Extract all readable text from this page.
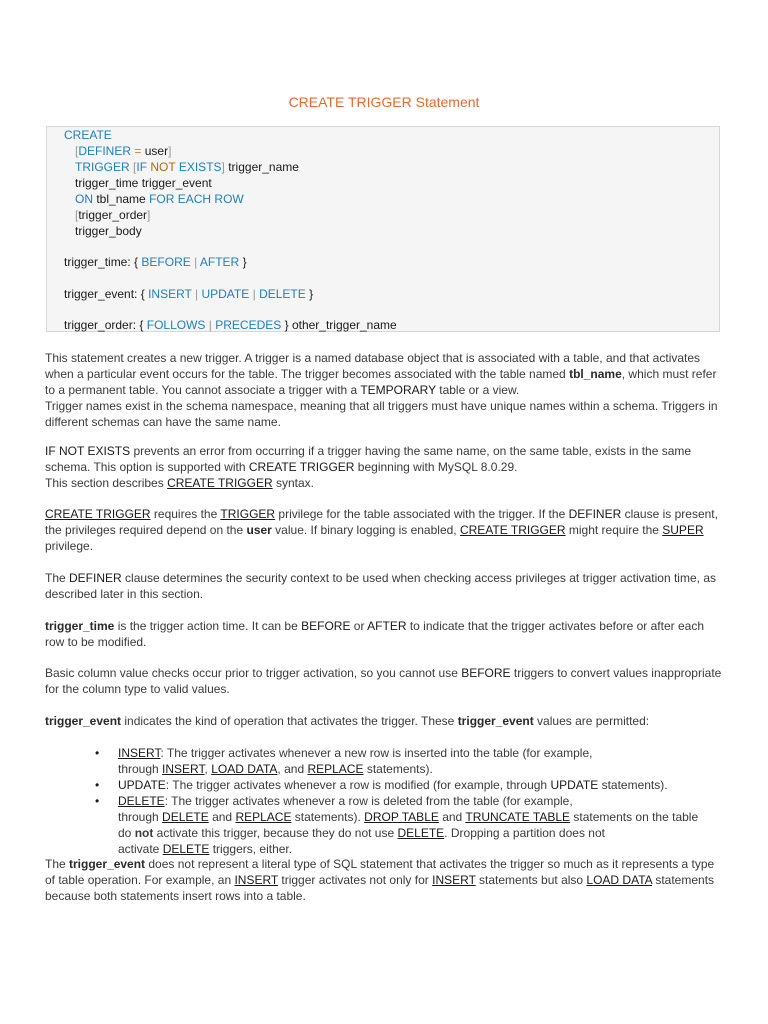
CREATE TRIGGER Statement
CREATE
[DEFINER = user]
TRIGGER [IF NOT EXISTS] trigger_name
trigger_time trigger_event
ON tbl_name FOR EACH ROW
[trigger_order]
trigger_body
trigger_time: { BEFORE | AFTER }
trigger_event: { INSERT | UPDATE | DELETE }
trigger_order: { FOLLOWS | PRECEDES } other_trigger_name
This statement creates a new trigger. A trigger is a named database object that is associated with a table, and that activates when a particular event occurs for the table. The trigger becomes associated with the table named tbl_name, which must refer to a permanent table. You cannot associate a trigger with a TEMPORARY table or a view.
Trigger names exist in the schema namespace, meaning that all triggers must have unique names within a schema. Triggers in different schemas can have the same name.
IF NOT EXISTS prevents an error from occurring if a trigger having the same name, on the same table, exists in the same schema. This option is supported with CREATE TRIGGER beginning with MySQL 8.0.29.
This section describes CREATE TRIGGER syntax.
CREATE TRIGGER requires the TRIGGER privilege for the table associated with the trigger. If the DEFINER clause is present, the privileges required depend on the user value. If binary logging is enabled, CREATE TRIGGER might require the SUPER privilege.
The DEFINER clause determines the security context to be used when checking access privileges at trigger activation time, as described later in this section.
trigger_time is the trigger action time. It can be BEFORE or AFTER to indicate that the trigger activates before or after each row to be modified.
Basic column value checks occur prior to trigger activation, so you cannot use BEFORE triggers to convert values inappropriate for the column type to valid values.
trigger_event indicates the kind of operation that activates the trigger. These trigger_event values are permitted:
• INSERT: The trigger activates whenever a new row is inserted into the table (for example,
through INSERT, LOAD DATA, and REPLACE statements).
• UPDATE: The trigger activates whenever a row is modified (for example, through UPDATE statements).
• DELETE: The trigger activates whenever a row is deleted from the table (for example,
through DELETE and REPLACE statements). DROP TABLE and TRUNCATE TABLE statements on the table
do not activate this trigger, because they do not use DELETE. Dropping a partition does not
activate DELETE triggers, either.
The trigger_event does not represent a literal type of SQL statement that activates the trigger so much as it represents a type of table operation. For example, an INSERT trigger activates not only for INSERT statements but also LOAD DATA statements because both statements insert rows into a table.
